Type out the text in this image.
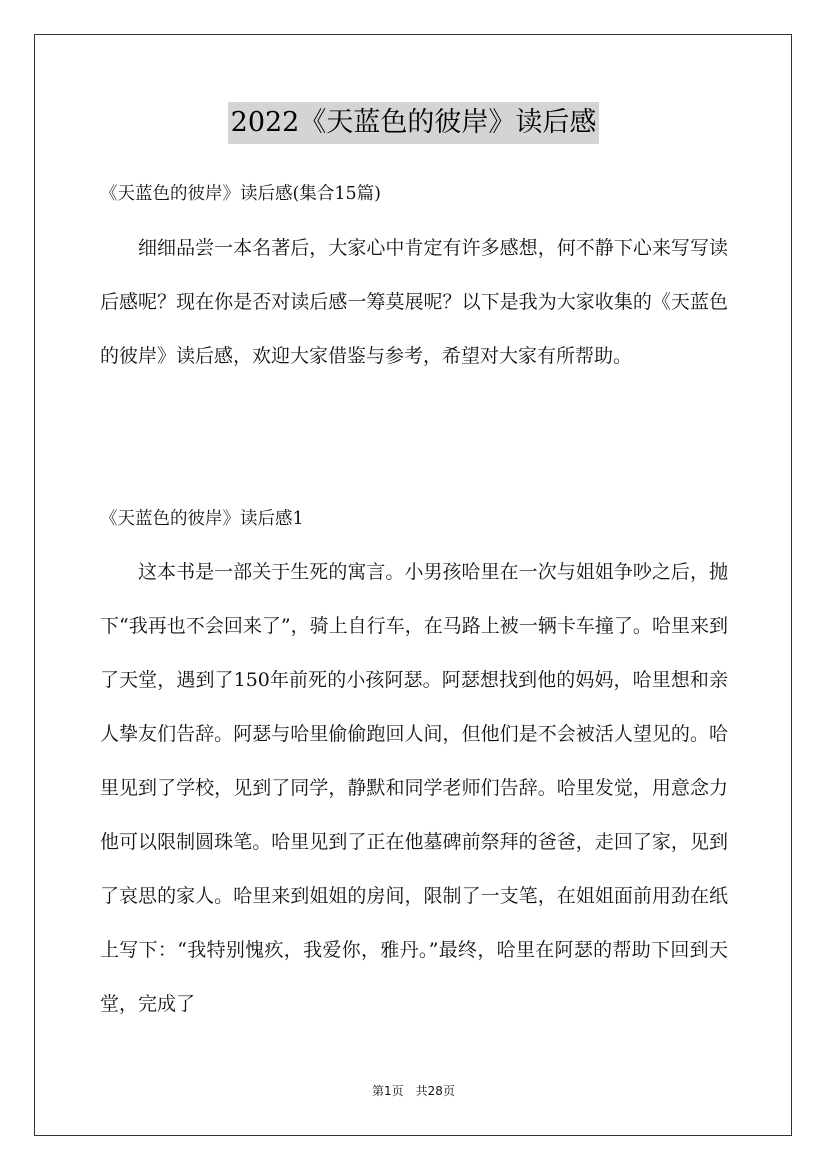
2022《天蓝色的彼岸》读后感
《天蓝色的彼岸》读后感(集合15篇)

细细品尝一本名著后，大家心中肯定有许多感想，何不静下心来写写读后感呢？现在你是否对读后感一筹莫展呢？以下是我为大家收集的《天蓝色的彼岸》读后感，欢迎大家借鉴与参考，希望对大家有所帮助。

《天蓝色的彼岸》读后感1

这本书是一部关于生死的寓言。小男孩哈里在一次与姐姐争吵之后，抛下“我再也不会回来了”，骑上自行车，在马路上被一辆卡车撞了。哈里来到了天堂，遇到了150年前死的小孩阿瑟。阿瑟想找到他的妈妈，哈里想和亲人挚友们告辞。阿瑟与哈里偷偷跑回人间，但他们是不会被活人望见的。哈里见到了学校，见到了同学，静默和同学老师们告辞。哈里发觉，用意念力他可以限制圆珠笔。哈里见到了正在他墓碑前祭拜的爸爸，走回了家，见到了哀思的家人。哈里来到姐姐的房间，限制了一支笔，在姐姐面前用劲在纸上写下：“我特别愧疚，我爱你，雅丹。”最终，哈里在阿瑟的帮助下回到天堂，完成了

第1页 共28页
